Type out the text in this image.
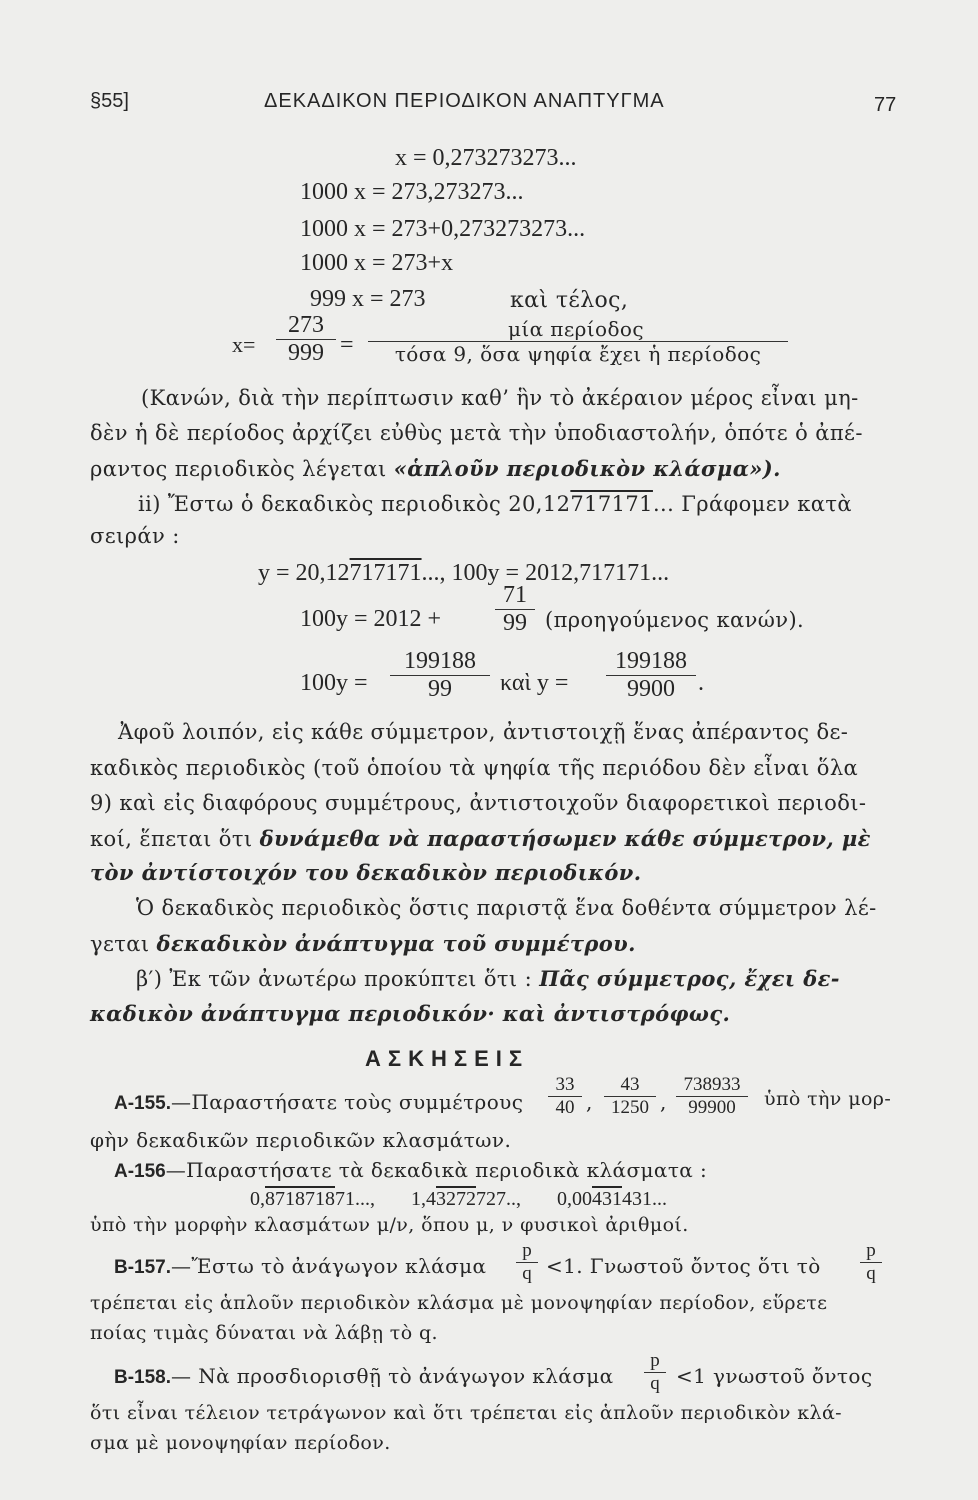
§55]	ΔΕΚΑΔΙΚΟΝ ΠΕΡΙΟΔΙΚΟΝ ΑΝΑΠΤΥΓΜΑ	77
x = 0,273273273...
1000 x = 273,273273...
1000 x = 273+0,273273273...
1000 x = 273+x
999 x = 273	καὶ τέλος,
$x= \frac{273}{999}$ =
μία περίοδος
τόσα 9, ὅσα ψηφία ἔχει ἡ περίοδος
(Κανών, διὰ τὴν περίπτωσιν καθ’ ἣν τὸ ἀκέραιον μέρος εἶναι μη-
δὲν ἡ δὲ περίοδος ἀρχίζει εὐθὺς μετὰ τὴν ὑποδιαστολήν, ὁπότε ὁ ἀπέ-
ραντος περιοδικὸς λέγεται «ἁπλοῦν περιοδικὸν κλάσμα»).
ii) Ἔστω ὁ δεκαδικὸς περιοδικὸς 20,12717171... Γράφομεν κατὰ
σειράν :
y = 20,12717171..., 100y = 2012,717171...
$100y = 2012 + \frac{71}{99} (\pi\rho o\eta\gamma oύ\mu\varepsilon\nu o\varsigma$ κανών).
$100y = \frac{199188}{99}$ καὶ $y = \frac{199188}{9900}$ .
Ἀφοῦ λοιπόν, εἰς κάθε σύμμετρον, ἀντιστοιχῇ ἕνας ἀπέραντος δε-
καδικὸς περιοδικὸς (τοῦ ὁποίου τὰ ψηφία τῆς περιόδου δὲν εἶναι ὅλα
9) καὶ εἰς διαφόρους συμμέτρους, ἀντιστοιχοῦν διαφορετικοὶ περιοδι-
κοί, ἕπεται ὅτι δυνάμεθα νὰ παραστήσωμεν κάθε σύμμετρον, μὲ
τὸν ἀντίστοιχόν του δεκαδικὸν περιοδικόν.
Ὁ δεκαδικὸς περιοδικὸς ὅστις παριστᾷ ἕνα δοθέντα σύμμετρον λέ-
γεται δεκαδικὸν ἀνάπτυγμα τοῦ συμμέτρου.
β′) Ἐκ τῶν ἀνωτέρω προκύπτει ὅτι : Πᾶς σύμμετρος, ἔχει δε-
καδικὸν ἀνάπτυγμα περιοδικόν· καὶ ἀντιστρόφως.
ΑΣΚΗΣΕΙΣ
Α-155.—Παραστήσατε τοὺς συμμέτρους $\frac{33}{40}$ , $\frac{43}{1250}$ , $\frac{738933}{99900}$ ὑπὸ τὴν μορ-
φὴν δεκαδικῶν περιοδικῶν κλασμάτων.
Α-156—Παραστήσατε τὰ δεκαδικὰ περιοδικὰ κλάσματα :
0,871871871..., 1,43272727.., 0,00431431...
ὑπὸ τὴν μορφὴν κλασμάτων μ/ν, ὅπου μ, ν φυσικοὶ ἀριθμοί.
Β-157.—Ἔστω τὸ ἀνάγωγον κλάσμα $\frac{p}{q} <1$. Γνωστοῦ ὄντος ὅτι τὸ $\frac{p}{q}$
τρέπεται εἰς ἁπλοῦν περιοδικὸν κλάσμα μὲ μονοψηφίαν περίοδον, εὕρετε
ποίας τιμὰς δύναται νὰ λάβῃ τὸ q.
Β-158.— Νὰ προσδιορισθῇ τὸ ἀνάγωγον κλάσμα $\frac{p}{q} <1$ γνωστοῦ ὄντος
ὅτι εἶναι τέλειον τετράγωνον καὶ ὅτι τρέπεται εἰς ἁπλοῦν περιοδικὸν κλά-
σμα μὲ μονοψηφίαν περίοδον.
